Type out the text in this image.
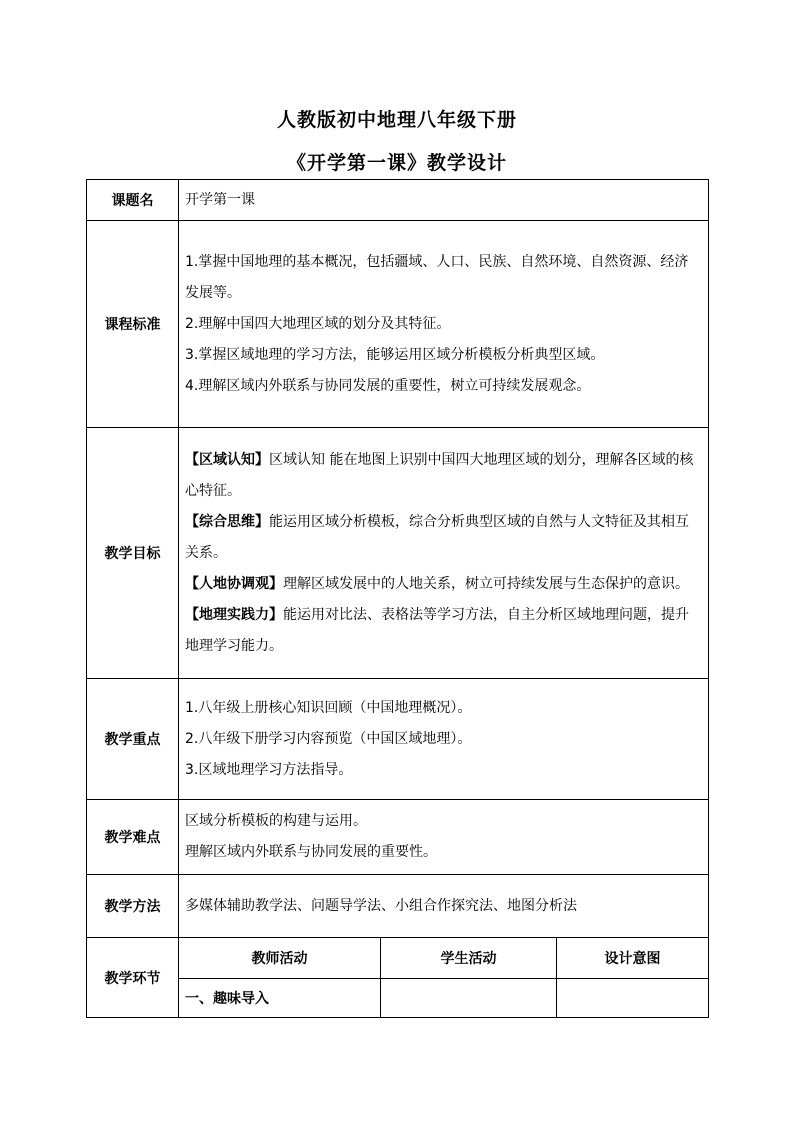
人教版初中地理八年级下册
《开学第一课》教学设计
课题名	开学第一课		
课程标准	1.掌握中国地理的基本概况，包括疆域、人口、民族、自然环境、自然资源、经济发展等。
2.理解中国四大地理区域的划分及其特征。
3.掌握区域地理的学习方法，能够运用区域分析模板分析典型区域。
4.理解区域内外联系与协同发展的重要性，树立可持续发展观念。		

教学目标	【区域认知】区域认知 能在地图上识别中国四大地理区域的划分，理解各区域的核心特征。
【综合思维】能运用区域分析模板，综合分析典型区域的自然与人文特征及其相互关系。
【人地协调观】理解区域发展中的人地关系，树立可持续发展与生态保护的意识。
【地理实践力】能运用对比法、表格法等学习方法，自主分析区域地理问题，提升地理学习能力。		

教学重点	1.八年级上册核心知识回顾（中国地理概况）。
2.八年级下册学习内容预览（中国区域地理）。
3.区域地理学习方法指导。		

教学难点	区域分析模板的构建与运用。
理解区域内外联系与协同发展的重要性。		

教学方法	多媒体辅助教学法、问题导学法、小组合作探究法、地图分析法		
教学环节	教师活动	学生活动	设计意图
	一、趣味导入		
